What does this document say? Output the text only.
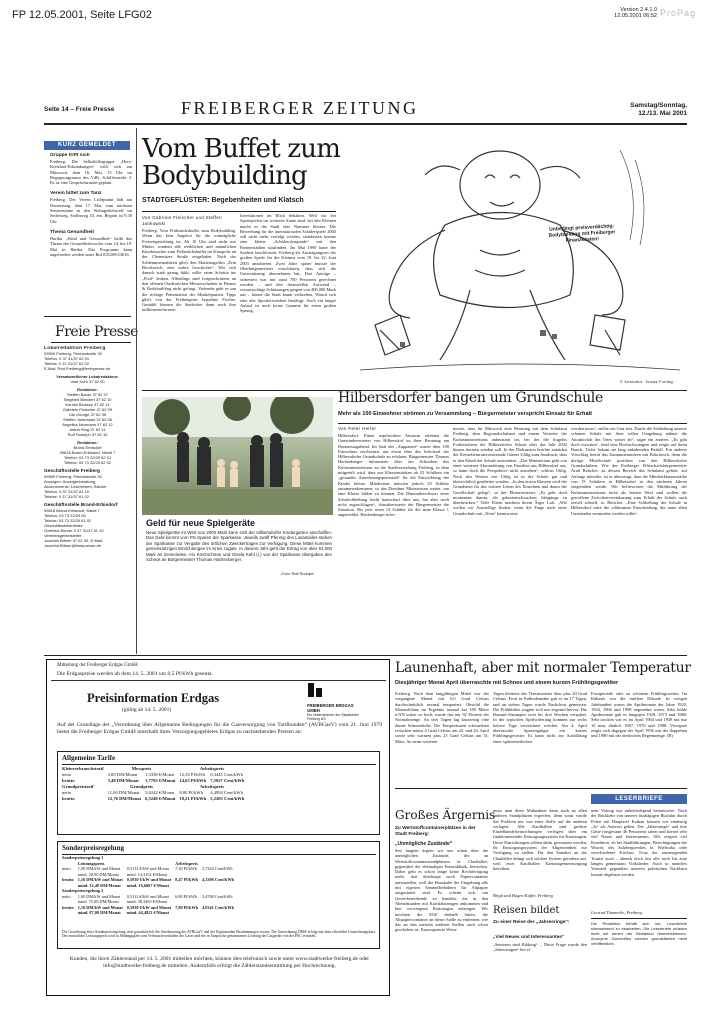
FP 12.05.2001, Seite LFG02	Version 2.4.1.0
12.05.2001 06:52 ProPag
Seite 14 – Freie Presse	FREIBERGER ZEITUNG	Samstag/Sonntag,
12./13. Mai 2001
KURZ GEMELDET
Gruppe trifft sich
Freiberg. Die Selbsthilfegruppe „Herz-Kreislauf-Erkrankungen“ trifft sich am Mittwoch, dem 16. Mai, 15 Uhr im Begegnungsraum des VdK, Schillerstraße 3. Es ist eine Gesprächsrunde geplant.
Verein bittet zum Tanz
Freiberg. Der Verein Lichtpunkt lädt am Donnerstag, dem 17. Mai, zum nächsten Seniorentanz in den Wohngebietstreff im Seilerweg, Stollnweg 10, ein. Beginn ist 9.30 Uhr.
Thema Gesundheit
Hartha. „Kind und Gesundheit“ heißt das Thema der Gesundheitswoche vom 14. bis 19. Mai in Hartha. Das Programm kann angefordert werden unter Ruf 035209/23616.
Freie Presse
Lokalredaktion Freiberg
09599 Freiberg, Petersstraße 30
Telefon: 0 37 31/37 62 01
Telefax: 0 37 31/37 62 02
E-Mail: Red.Freiberg@freiepresse.de
Verantwortlicher Lokalredakteur:
Uwe Kuhr 37 62 00
Redaktion:
Steffen Bauer 37 62 07
Siegfried Bieckert 37 62 10
Kerstin Blossey 37 62 14
Gabriele Fleischer 37 62 09
Ute George 37 62 05
Steffen Jankowski 37 62 06
Angelika Neumann 37 62 12
Astrid Ring 37 62 11
Rolf Rudolph 37 62 10
Redaktion:
Brand-Erbisdorf
09618 Brand-Erbisdorf, Markt 7
Telefon: 03 73 22/29 62 01
Telefax: 03 73 22/29 62 02
Geschäftsstelle Freiberg
09599 Freiberg, Petersstraße 30
Anzeigen, Anzeigenberatung,
Abonnements, Leserreisen, Bücher
Telefon: 0 37 31/37 61 10
Telefax: 0 37 31/37 61 02
Geschäftsstelle Brand-Erbisdorf
09618 Brand-Erbisdorf, Markt 7
Telefon: 03 73 22/29 60
Telefax: 03 73 22/29 61 02
Geschäftsstellenleiter:
Gottfried Börner 0 37 31/37 61 10
Vertriebsgebietsleiter:
Joachim Bittner 37 61 00, E-Mail:
Joachim.Bittner@freiepresse.de
Vom Buffet zum
Bodybuilding
STADTGEFLÜSTER: Begebenheiten und Klatsch
Von Gabriele Fleischer und Steffen Jankowski
Freiberg. Vom Frühstücksbuffet zum Bodybuilding. Wenn das kein Angebot für die sonntägliche Freizeitgestaltung ist. Ab 10 Uhr sind nicht nur Mütter, sondern alle weiblichen und männlichen Kinobesucher zum Frühstücksbuffet im Kinopolis an der Chemnitzer Straße eingeladen. Nach der Schlemmermahlzeit gibt's den Muttertagsfilm „Erin Brockovich, eine wahre Geschichte“. Wer sich danach stark genug fühlt, sollte seine Schritte ins „Pool“ lenken. Allerdings sind fortgeschrittene an den offenen Ostdeutschen Meisterschaften in Fitness & Bodybuilding nicht gefragt. Vielmehr geht es um die richtige Präsentation der Muskelpartien. Tipps gibt's von der Freibergerin Jaqueline Fischer. Gestählt können die Stadtväter dann auch ihre millionenschweren
Investitionen im Blick behalten. Weil wir bei Sportspielen im weiteren Sinne sind: bei den Kleinen macht es die Stadt eine Nummer kleiner. Die Bewerbung für die internationalen Schülerspiele 2003 soll nicht mehr verfolgt werden, stattdessen könnte eine kleine „Schülerolympiade“ mit den Partnerstädten stattfinden. Im Mai 1999 hatte der Stadtrat beschlossen, Freiberg als Austragungsort der großen Spiele für die Kleinen vom 19. bis 22. Juni 2003 anzubieten. Zwei Jahre später musste der Oberbürgermeister einschätzen, dass sich die Unterstützung übernehmen hat. Drei Anträge – seinerzeit war mit rund 700 Personen gerechnet worden – und den finanziellen Aufwand – voraussichtige Schätzungen gingen von 400.000 Mark aus – könne die Stadt kaum verkraften. Womit sich eine alte Sportlerweisheit bestätigt: Auch ein langer Anlauf ist noch keine Garantie für einen großen Sprung.
Unbedingt preisverdächtig: Bodybuilding mit Freiberger Finanzkästen!
© Karikatur: Tomas Freitag
Geld für neue Spielgeräte
Neue Spielgeräte im Wert von 2000 Mark kann sich der Hilbersdorfer Kindergarten anschaffen. Das Geld kommt vom PS-Sparen der Sparkasse. Jeweils zwölf Pfennig des Losanteiles stehen der Sparkasse zur Vergabe des örtlichen Zweckertrages zur Verfügung. Diese Mittel kommen gemeinnützigen Einrichtungen im Kreis zugute. In diesem Jahr geht der Ertrag von über 61.000 Mark an Gemeinden. Iris Kretzschmar und Gisela Kahl (r.) von der Sparkasse übergaben den Scheck an Bürgermeister Thomas Hackenberger.
–Foto: Rolf Rudolph
Hilbersdorfer bangen um Grundschule
Mehr als 100 Einwohner strömen zu Versammlung – Bürgermeister verspricht Einsatz für Erhalt
Von Peter Hertel
Hilbersdorf. Einen regelrechten Ansturm erlebten die Gemeindevertreter von Hilbersdorf zu ihrer Beratung am Donnerstagabend. Im Saal des „Zuppanzit“ waren über 100 Einwohner erschienen, um etwas über das Schicksal der Hilbersdorfer Grundschule zu erfahren. Bürgermeister Thomas Hackenberger informierte über ein Schreiben des Kultusministeriums an die Stadtverwaltung Freiberg, in dem mitgeteilt wird, dass nur Klassenstärken ab 25 Schülern ein „gesundes Anrechnungspotenzial“ für die Entwicklung der Kinder bieten. Mindestens müssten jedoch 25 Schüler zusammenkommen, so das Dresdner Ministerium weiter, um eine Klasse bilden zu können. Die Dämonikeschwert einer Schulschließung leicht haarscharf über uns, hat aber noch nicht zugeschlagen“, charakterisierte der Bürgermeister die Situation. Bis jetzt seien 14 Schüler für die neue Klasse 1 angemeldet. Hackenberger infor-
mierte, dass für Mittwoch eine Beratung mit dem Schulamt Freiberg, dem Regionalschulamt und einem Vertreter der Kultusministeriums anberaumt sei, bei der die fragelos Fortbestehens der Hilbersdorfer Schule über das Jahr 2002 hinaus beraten werden soll. In der Diskussion brachte zunächst der Kreiselternratsvorsitzende Günter Uhlig zum Ausdruck, dass er den Erhalt der Schule unterstütze. „Das Ministerium geht von einer weiteren Abwanderung von Familien aus Hilbersdorf aus, so kann doch die Perspektive nicht aussehen“, schloss Uhlig. Nach den Worten von Uhlig ist in der Schule gut und übersichtlich gearbeitet worden. „In den ersten Klassen wird der Grundstein für das weitere Leben des Einzelnen und damit der Gesellschaft gelegt“, so der Elternvertreter. „Es geht doch momentan darum, die geburtenschwachen Jahrgänge zu überbrücken.“ Viele Eltern machten ihrem Ärger Luft. „Wie wollen wir Ausstellige finden, wenn die Frage nach einer Grundschule mit „Nein“ beantwortet
werden muss“, stellte ein Gast fest. Durch die Schließung unserer schönen Schule mit ihrer tollen Umgebung nähme die Attraktivität des Ortes weiter ab“, sagte ein anderer. „Es gibt doch vorwärts“, fand eine Hochschwangere und zeigte auf ihren Bauch. Tiefer bekam sie lang anhaltenden Beifall. Ein anderer Vorschlag betraf das Zusammenrücken mit Bobritzsch, denn die dortige Mittelschule profitiert von den Hilbersdorfer Grundschülern. Wie der Freiberger Wirtschaftsbürgermeister Arnd Böttcher, zu dessen Bereich das Schulamt gehört, auf Anfrage mitteilte, ist er überzeugt, dass die Mindestklassenstärke von 15 Schülern in Hilbersdorf in den nächsten Jahren eingehalten werde. Wir befürworten die Mitführung der Kultusministeriums nicht als letzten Wort und wollen die getroffene Zwischenvereinbarung zum Erhalt der Schule auch erzielt schnell, so Böttcher. „Eine Schließung der Schule in Hilbersdorf wäre die schlimmste Entscheidung, die unter allen Umständen vermieden werden sollte“.
Mitteilung der Freiberger Erdgas GmbH
Die Erdgaspreise werden ab dem 14. 5. 2001 um 0,5 Pf/kWh gesenkt.
FREIBERGER ERDGAS GMBH
Ein Unternehmen der Stadtwerke Freiberg AG
Preisinformation Erdgas
(gültig ab 14. 5. 2001)
Auf der Grundlage der „Verordnung über Allgemeine Bedingungen für die Gasversorgung von Tarifkunden“ (AVBGasV) vom 21. Juni 1979 bietet die Freiberger Erdgas GmbH innerhalb ihres Versorgungsgebietes Erdgas zu nachstehenden Preisen an:
Allgemeine Tarife
Kleinverbrauchstarif	Messpreis		Arbeitspreis	
netto	3,00 DM/Monat	1,5338 €/Monat	12,50 Pf/kWh	6,3445 Cent/kWh
brutto	3,48 DM/Monat	1,7792 €/Monat	14,65 Pf/kWh	7,5927 Cent/kWh
Grundpreistarif	Grundpreis		Arbeitspreis	
netto	11,00 DM/Monat	5,6242 €/Monat	8,80 Pf/kWh	4,4994 Cent/kWh
brutto	12,76 DM/Monat	6,5240 €/Monat	10,21 Pf/kWh	5,2203 Cent/kWh
Sonderpreisregelung
Sonderpreisregelung 1				
	Leistungspreis		Arbeitspreis	
netto	1,00 DM/kW und Monat	0,5112 €/kW und Monat	7,30 Pf/kWh	3,7324 Cent/kWh
	mind. 28,00 DM/Monat	mind. 14,3161 €/Monat		
brutto	1,16 DM/kW und Monat	0,5930 €/kW und Monat	8,47 Pf/kWh	4,3306 Cent/kWh
	mind. 32,48 DM/Monat	mind. 16,6067 €/Monat		
Sonderpreisregelung 2				
netto	1,00 DM/kW und Monat	0,5112 €/kW und Monat	6,80 Pf/kWh	3,4768 Cent/kWh
	mind. 75,00 DM/Monat	mind. 38,3465 €/Monat		
brutto	1,16 DM/kW und Monat	0,5930 €/kW und Monat	7,89 Pf/kWh	4,0341 Cent/kWh
	mind. 87,00 DM/Monat	mind. 44,4823 €/Monat		
Die Gewährung einer Sonderpreisregelung setzt grundsätzlich die Anerkennung der AVBGasV und der Ergänzenden Bestimmungen voraus. Die Umrechnung DM/€ erfolgt mit dem offiziellen Umrechnungskurs. Der monatliche Leistungspreis wird in Abhängigkeit vom Verbrauchsverhalten des Gases und der in Ansprache genommenen Leistung der Gasgeräte von der FEG ermittelt.
Kunden, die ihren Zählerstand per 14. 5. 2001 mitteilen möchten, können dies telefonisch sowie unter www.stadtwerke-freiberg.de oder info@stadtwerke-freiberg.de mitteilen. Andernfalls erfolgt die Zählerstandsermittlung per Hochrechnung.
Launenhaft, aber mit normaler Temperatur
Diesjähriger Monat April überraschte mit Schnee und einem kurzen Frühlingsgewitter
Freiberg. Nach dem langjährigen Mittel war der vergangene Monat mit 6,0 Grad Celsius durchschnittlich normal temperiert. Obwohl die Monatsbilanz im Ergebnis normal bei 100 Meter ü.NN schon so hoch, wurde das nur 92 Prozent der Normalmenge. An drei Tagen lag kurzzeitig eine dünne Schneedecke. Die Temperaturen schwankten zwischen minus 4 Grad Celsius am 25. und 24. April sowie sehr warmen plus 23 Grad Celsius am 31. März. An neun weiteren
Tagen kletterte das Thermometer über plus 20 Grad Celsius. Frost in Erdbodennähe gab es an 17 Tagen, und an sieben Tagen wurde Nachtfrost gemessen. Die Frühblüher wagten sich nur zögernd hervor. Die Bauamt-Sitzungen zwei bis drei Wochen verspätet. In der typischen Aprilwitterung konnten nur sechs heitere Tage verzeichnet werden. Am 4. April überraschte Spaziergänger ein kurzes Frühlingsgewitter. Es kann nicht zur Ausbildung einer spätwinterlichen
Frostperiode oder zu schönem Frühlingswetter. Im Kälteste war die mittlere Dekade. In vorigen Jahrhundert waren die Aprilmonate der Jahre 1920, 1934, 1966 und 1998 angenehm warm. Sehr kühle Aprilmonate gab es hingegen 1929, 1973 und 1980. Sehr trocken war es im April 1904 und 1938 mit nur 10 mm, ähnlich 1967, 1976 und 1988. Verregnet zeigte sich dagegen der April 1956 mit der doppelten und 1980 mit der dreifachen Regenmenge. (B)
LESERBRIEFE
Großes Ärgernis
Zu Wertstoffcontainerplätzen in der Stadt Freiberg:
„Unmögliche Zustände“
Seit langem ärgern wir uns schon über die unmöglichen Zustände, die an Wertstoffcontainerstandplätzen in Claußallee, gegenüber der ehemaligen Frauenklinik, herrschen. Dabei geht es schon lange keine Rechtfertigung mehr, dort überhaupt noch Papiercontainer aufzustellen, weil die Haushalte der Umgebung alle mit eigenen Sammelbehältern für Altpapier ausgestattet sind. Es scheint sich um Gewerbetreibende zu handeln, die in den Abendstunden mit Kraftfahrzeugen ankommen und hier vorwiegend Kartonagen entsorgen. Wir möchten die EGF deshalb bitten, die Altpapiercontainer an dieser Stelle zu entfernen, wie das an den meisten anderen Stellen auch schon geschehen ist. Konsequenter Weise
muss man diese Maßnahme dann auch an allen anderen Standplätzen ergreifen, denn sonst würde das Problem nur von einer Stelle auf die anderen verlagert. Alle Kaufhallen und größere Einzelhandelseinrichtungen verfügen über ein funktionierendes Entsorgungssystem für Kartonagen. Diese Einrichtungen sollten dafür gewonnen werden, ihr Entsorgungssystem der Allgemeinheit zur Verfügung zu stellen. Für den Standort an der Claußallee drängt sich solches System geradezu auf, weil zwei Kaufhallen Kartonagensentsorgung betreiben.
Birgit und Hagen Kuffer, Freiberg
Reisen bildet
Zu einer Reise der „Jahresringe“:
„Viel Neues und Interessantes“
„Senioren sind Bildung“ – Diese Frage wurde den „Jahresringen“ bei ei-
nem Vortrag nur unbefriedigend beantwortet. Nach der Rückkehr von unserer fünftägigen Busfahrt durch Polen mit Hauptziel Krakau können wir eindeutig „Ja“ als Antwort geben. Die „Jahresringe“ und ihre Gäste (insgesamt 46 Personen) sahen und hörten sehr viel Neues und Interessantes. Alle zeigten viel Kondition, ob bei Stadtführungen, Besichtigungen der Wawel, des Salzbergwerkes in Wieliczka oder verschiedener Kirchen. Trotz der anstrengenden Tourist auch – abends doch fast alle noch bis zum langen gemeinsam Volkslieder. Auch so manches Vorurteil gegenüber unseren polnischen Nachbarn konnte abgebaut werden.
Gertrud Thamerlie, Freiberg
Die Redaktion behält sich vor, Leserbriefe sinnwahrend zu bearbeiten. Die Leserbriefe müssen nicht mit denen der Redaktion übereinstimmen. Anonyme Zuschriften werden grundsätzlich nicht veröffentlicht.
